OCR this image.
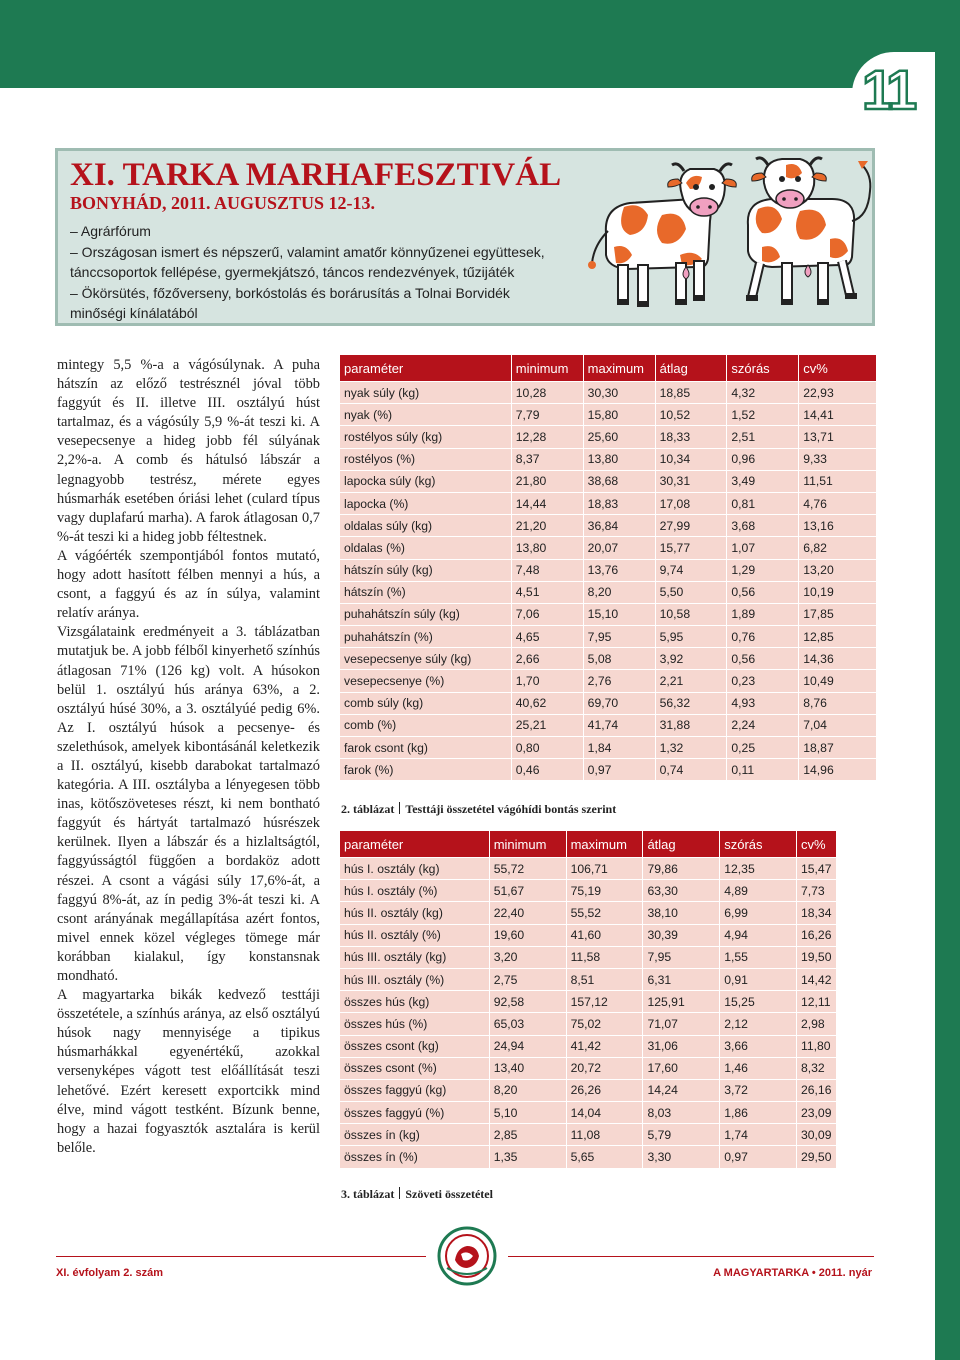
11
XI. TARKA MARHAFESZTIVÁL
BONYHÁD, 2011. AUGUSZTUS 12-13.
– Agrárfórum
– Országosan ismert és népszerű, valamint amatőr könnyűzenei együttesek,
tánccsoportok fellépése, gyermekjátszó, táncos rendezvények, tűzijáték
– Ökörsütés, főzőverseny, borkóstolás és borárusítás a Tolnai Borvidék
minőségi kínálatából

mintegy 5,5 %-a a vágósúlynak. A puha hátszín az előző testrésznél jóval több faggyút és II. illetve III. osztályú húst tartalmaz, és a vágósúly 5,9 %-át teszi ki. A vesepecsenye a hideg jobb fél súlyának 2,2%-a. A comb és hátulsó lábszár a legnagyobb testrész, mérete egyes húsmarhák esetében óriási lehet (culard típus vagy duplafarú marha). A farok átlagosan 0,7 %-át teszi ki a hideg jobb féltestnek.

A vágóérték szempontjából fontos mutató, hogy adott hasított félben mennyi a hús, a csont, a faggyú és az ín súlya, valamint relatív aránya.

Vizsgálataink eredményeit a 3. táblázatban mutatjuk be. A jobb félből kinyerhető színhús átlagosan 71% (126 kg) volt. A húsokon belül 1. osztályú hús aránya 63%, a 2. osztályú húsé 30%, a 3. osztályúé pedig 6%. Az I. osztályú húsok a pecsenye- és szelethúsok, amelyek kibontásánál keletkezik a II. osztályú, kisebb darabokat tartalmazó kategória. A III. osztályba a lényegesen több inas, kötőszöveteses részt, ki nem bontható faggyút és hártyát tartalmazó húsrészek kerülnek. Ilyen a lábszár és a hizlaltságtól, faggyússágtól függően a bordaköz adott részei. A csont a vágási súly 17,6%-át, a faggyú 8%-át, az ín pedig 3%-át teszi ki. A csont arányának megállapítása azért fontos, mivel ennek közel végleges tömege már korábban kialakul, így konstansnak mondható.

A magyartarka bikák kedvező testtáji összetétele, a színhús aránya, az első osztályú húsok nagy mennyisége a tipikus húsmarhákkal egyenértékű, azokkal versenyképes vágott test előállítását teszi lehetővé. Ezért keresett exportcikk mind élve, mind vágott testként. Bízunk benne, hogy a hazai fogyasztók asztalára is kerül belőle.

paraméter	minimum	maximum	átlag	szórás	cv%
nyak súly (kg)	10,28	30,30	18,85	4,32	22,93
nyak (%)	7,79	15,80	10,52	1,52	14,41
rostélyos súly (kg)	12,28	25,60	18,33	2,51	13,71
rostélyos (%)	8,37	13,80	10,34	0,96	9,33
lapocka súly (kg)	21,80	38,68	30,31	3,49	11,51
lapocka (%)	14,44	18,83	17,08	0,81	4,76
oldalas súly (kg)	21,20	36,84	27,99	3,68	13,16
oldalas (%)	13,80	20,07	15,77	1,07	6,82
hátszín súly (kg)	7,48	13,76	9,74	1,29	13,20
hátszín (%)	4,51	8,20	5,50	0,56	10,19
puhahátszín súly (kg)	7,06	15,10	10,58	1,89	17,85
puhahátszín (%)	4,65	7,95	5,95	0,76	12,85
vesepecsenye súly (kg)	2,66	5,08	3,92	0,56	14,36
vesepecsenye (%)	1,70	2,76	2,21	0,23	10,49
comb súly (kg)	40,62	69,70	56,32	4,93	8,76
comb (%)	25,21	41,74	31,88	2,24	7,04
farok csont (kg)	0,80	1,84	1,32	0,25	18,87
farok (%)	0,46	0,97	0,74	0,11	14,96
2. táblázat Testtáji összetétel vágóhídi bontás szerint
paraméter	minimum	maximum	átlag	szórás	cv%
hús I. osztály (kg)	55,72	106,71	79,86	12,35	15,47
hús I. osztály (%)	51,67	75,19	63,30	4,89	7,73
hús II. osztály (kg)	22,40	55,52	38,10	6,99	18,34
hús II. osztály (%)	19,60	41,60	30,39	4,94	16,26
hús III. osztály (kg)	3,20	11,58	7,95	1,55	19,50
hús III. osztály (%)	2,75	8,51	6,31	0,91	14,42
összes hús (kg)	92,58	157,12	125,91	15,25	12,11
összes hús (%)	65,03	75,02	71,07	2,12	2,98
összes csont (kg)	24,94	41,42	31,06	3,66	11,80
összes csont (%)	13,40	20,72	17,60	1,46	8,32
összes faggyú (kg)	8,20	26,26	14,24	3,72	26,16
összes faggyú (%)	5,10	14,04	8,03	1,86	23,09
összes ín (kg)	2,85	11,08	5,79	1,74	30,09
összes ín (%)	1,35	5,65	3,30	0,97	29,50
3. táblázat Szöveti összetétel
XI. évfolyam 2. szám	A MAGYARTARKA • 2011. nyár
